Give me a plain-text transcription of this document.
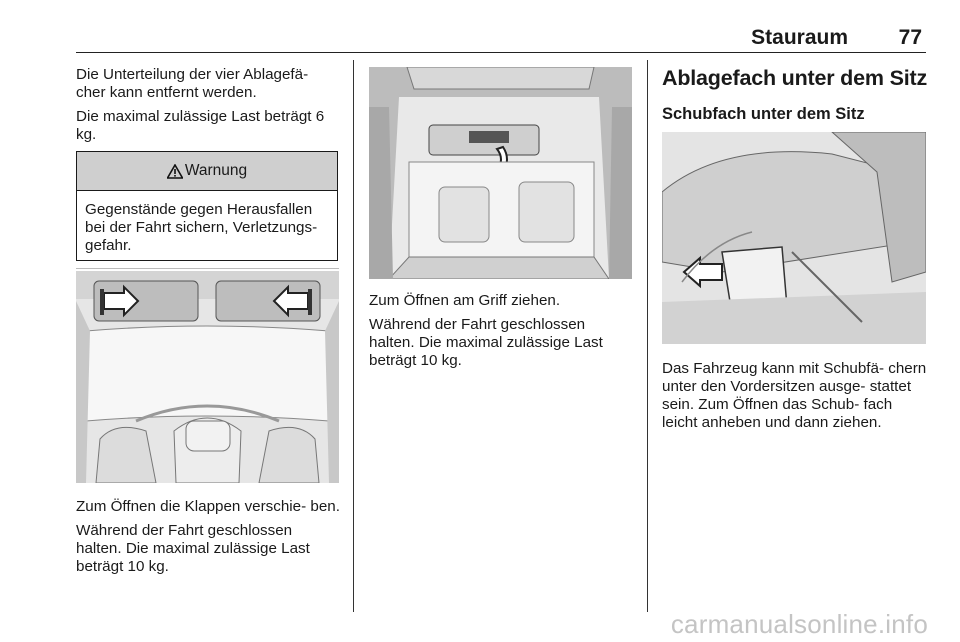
Stauraum 77

Die Unterteilung der vier Ablagefä- cher kann entfernt werden.

Die maximal zulässige Last beträgt 6 kg.

Warnung
Gegenstände gegen Herausfallen bei der Fahrt sichern, Verletzungs- gefahr.

Zum Öffnen die Klappen verschie- ben.

Während der Fahrt geschlossen halten. Die maximal zulässige Last beträgt 10 kg.

Zum Öffnen am Griff ziehen.

Während der Fahrt geschlossen halten. Die maximal zulässige Last beträgt 10 kg.

Ablagefach unter dem Sitz
Schubfach unter dem Sitz

Das Fahrzeug kann mit Schubfä- chern unter den Vordersitzen ausge- stattet sein. Zum Öffnen das Schub- fach leicht anheben und dann ziehen.

carmanualsonline.info
